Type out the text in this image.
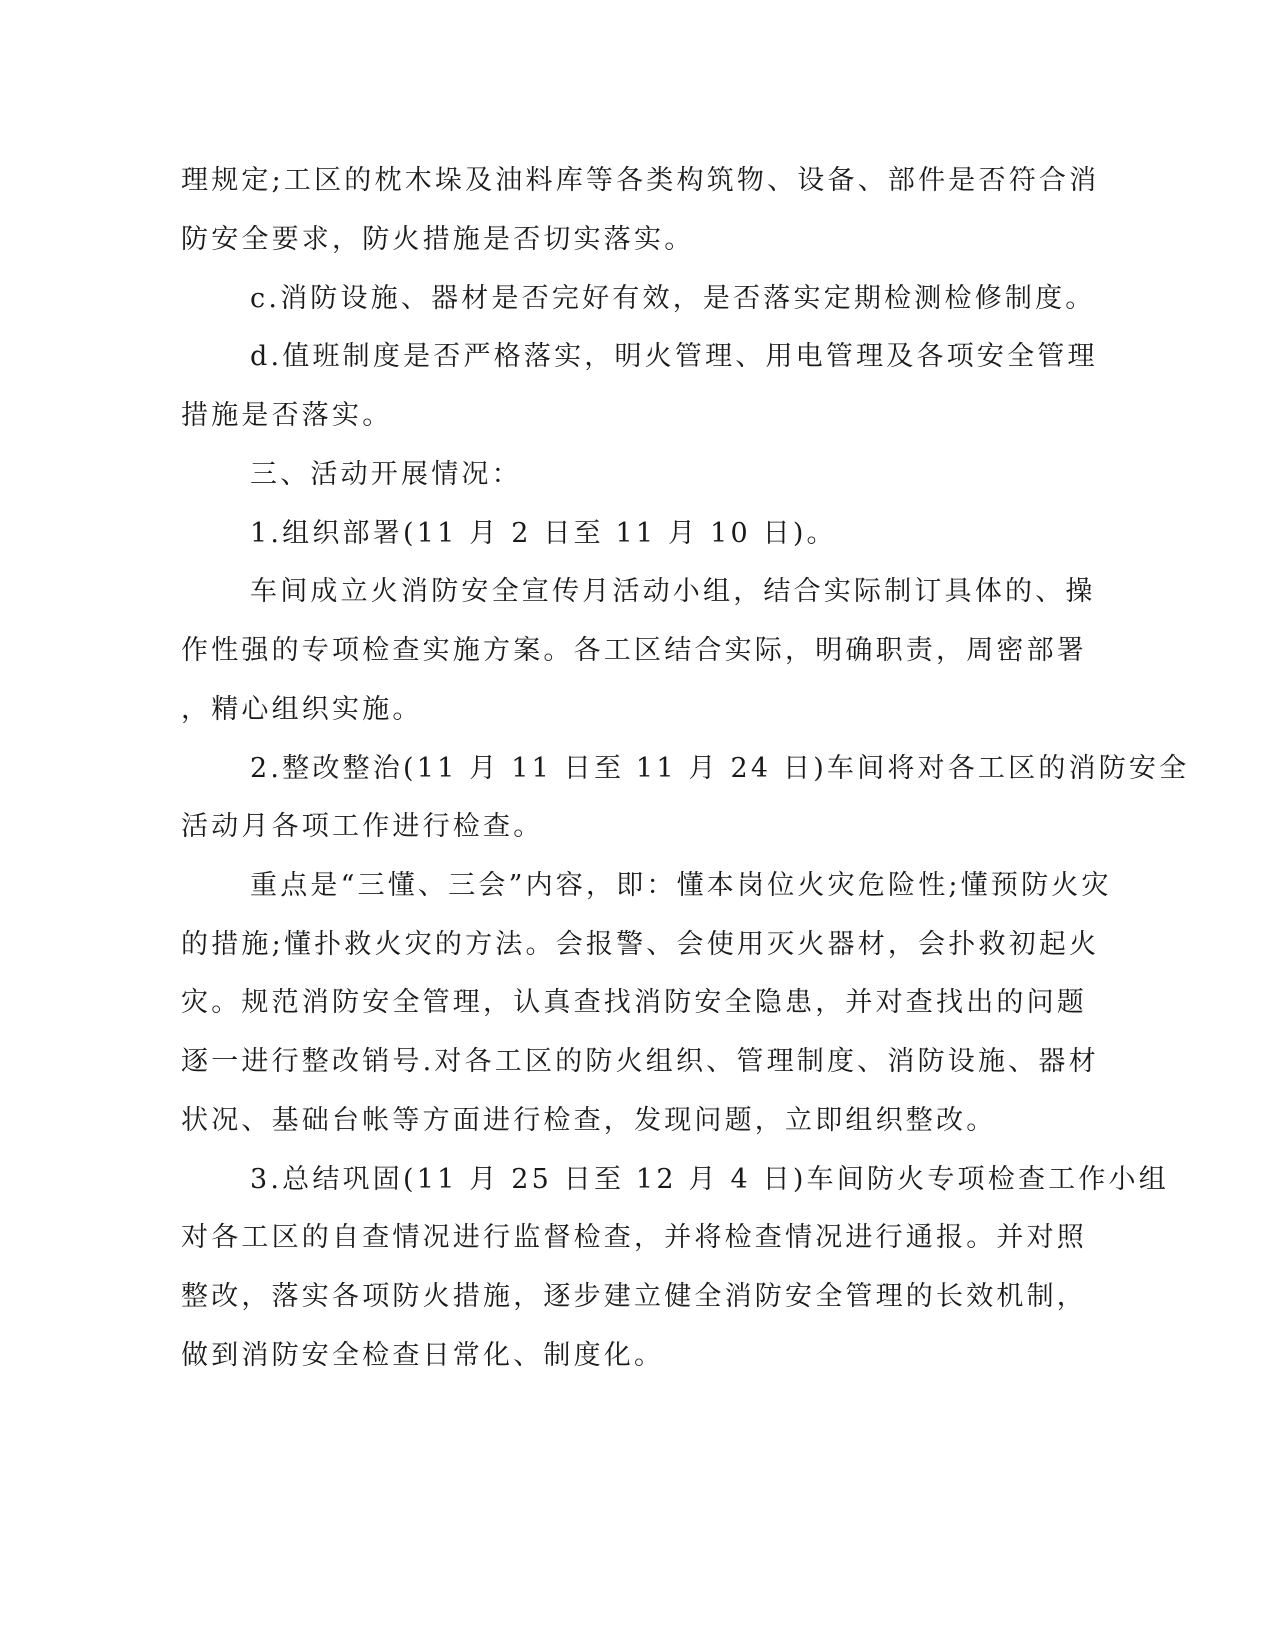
理规定;工区的枕木垛及油料库等各类构筑物、设备、部件是否符合消
防安全要求，防火措施是否切实落实。
c.消防设施、器材是否完好有效，是否落实定期检测检修制度。
d.值班制度是否严格落实，明火管理、用电管理及各项安全管理
措施是否落实。
三、活动开展情况：
1.组织部署(11 月 2 日至 11 月 10 日)。
车间成立火消防安全宣传月活动小组，结合实际制订具体的、操
作性强的专项检查实施方案。各工区结合实际，明确职责，周密部署
，精心组织实施。
2.整改整治(11 月 11 日至 11 月 24 日)车间将对各工区的消防安全
活动月各项工作进行检查。
重点是“三懂、三会”内容，即：懂本岗位火灾危险性;懂预防火灾
的措施;懂扑救火灾的方法。会报警、会使用灭火器材，会扑救初起火
灾。规范消防安全管理，认真查找消防安全隐患，并对查找出的问题
逐一进行整改销号.对各工区的防火组织、管理制度、消防设施、器材
状况、基础台帐等方面进行检查，发现问题，立即组织整改。
3.总结巩固(11 月 25 日至 12 月 4 日)车间防火专项检查工作小组
对各工区的自查情况进行监督检查，并将检查情况进行通报。并对照
整改，落实各项防火措施，逐步建立健全消防安全管理的长效机制，
做到消防安全检查日常化、制度化。
